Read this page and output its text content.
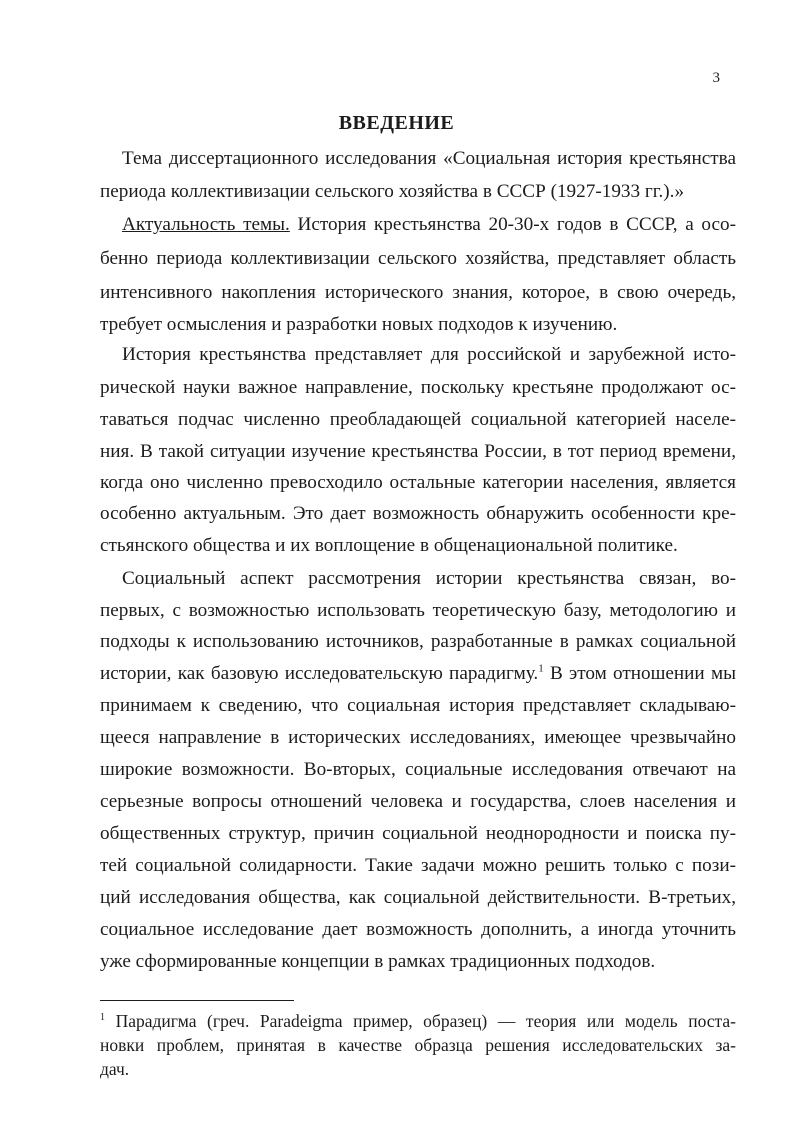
3
ВВЕДЕНИЕ
Тема диссертационного исследования «Социальная история крестьянства
периода коллективизации сельского хозяйства в СССР (1927-1933 гг.).»
Актуальность темы. История крестьянства 20-30-х годов в СССР, а осо-
бенно периода коллективизации сельского хозяйства, представляет область
интенсивного накопления исторического знания, которое, в свою очередь,
требует осмысления и разработки новых подходов к изучению.
История крестьянства представляет для российской и зарубежной исто-
рической науки важное направление, поскольку крестьяне продолжают ос-
таваться подчас численно преобладающей социальной категорией населе-
ния. В такой ситуации изучение крестьянства России, в тот период времени,
когда оно численно превосходило остальные категории населения, является
особенно актуальным. Это дает возможность обнаружить особенности кре-
стьянского общества и их воплощение в общенациональной политике.
Социальный аспект рассмотрения истории крестьянства связан, во-
первых, с возможностью использовать теоретическую базу, методологию и
подходы к использованию источников, разработанные в рамках социальной
истории, как базовую исследовательскую парадигму.$^1$ В этом отношении мы
принимаем к сведению, что социальная история представляет складываю-
щееся направление в исторических исследованиях, имеющее чрезвычайно
широкие возможности. Во-вторых, социальные исследования отвечают на
серьезные вопросы отношений человека и государства, слоев населения и
общественных структур, причин социальной неоднородности и поиска пу-
тей социальной солидарности. Такие задачи можно решить только с пози-
ций исследования общества, как социальной действительности. В-третьих,
социальное исследование дает возможность дополнить, а иногда уточнить
уже сформированные концепции в рамках традиционных подходов.
$^1$ Парадигма (греч. Paradeigma пример, образец) — теория или модель поста-
новки проблем, принятая в качестве образца решения исследовательских за-
дач.
